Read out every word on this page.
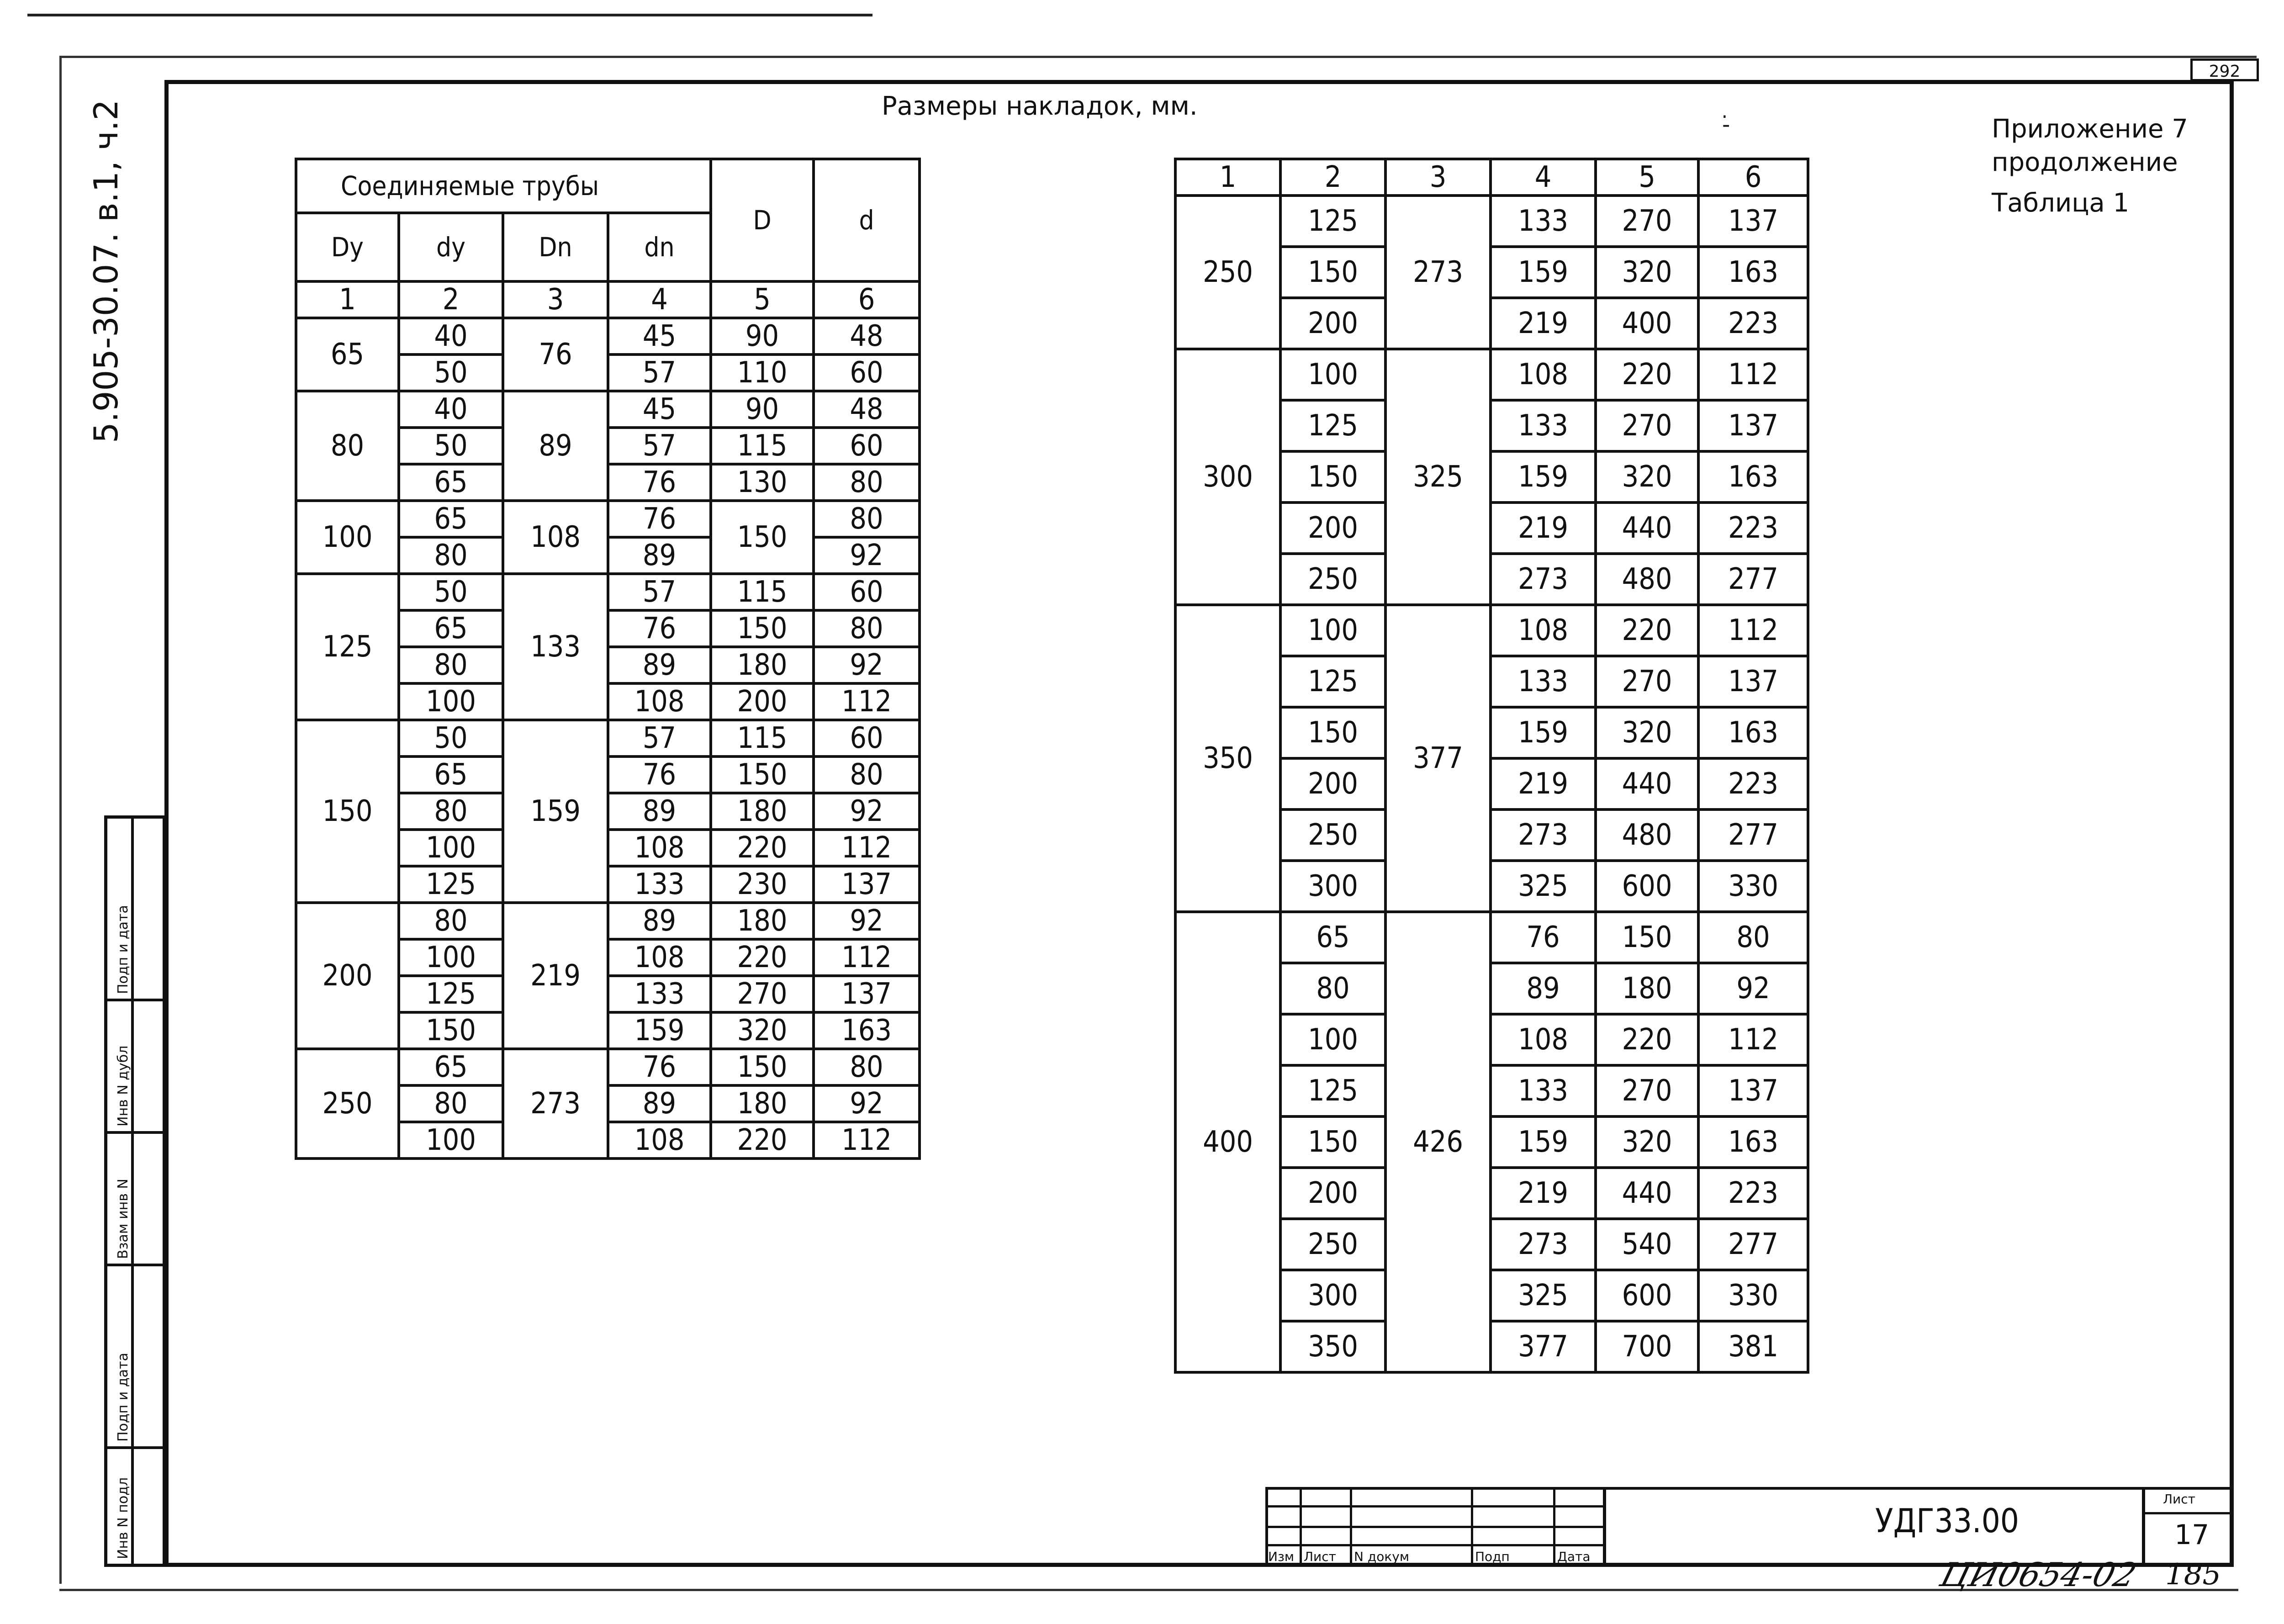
292
5.905-30.07. в.1, ч.2	Размеры накладок, мм.
-̇	Приложение 7
продолжение
Таблица 1
Соединяемые трубы				D	d
Dy	dy	Dn	dn		
1	2	3	4	5	6
65	40	76	45	90	48
	50		57	110	60
80	40	89	45	90	48
	50		57	115	60
	65		76	130	80
100	65	108	76	150	80
	80		89		92
125	50	133	57	115	60
	65		76	150	80
	80		89	180	92
	100		108	200	112
150	50	159	57	115	60
	65		76	150	80
	80		89	180	92
	100		108	220	112
	125		133	230	137
200	80	219	89	180	92
	100		108	220	112
	125		133	270	137
	150		159	320	163
250	65	273	76	150	80
	80		89	180	92
	100		108	220	112
1	2	3	4	5	6
250	125	273	133	270	137
	150		159	320	163
	200		219	400	223
300	100	325	108	220	112
	125		133	270	137
	150		159	320	163
	200		219	440	223
	250		273	480	277
350	100	377	108	220	112
	125		133	270	137
	150		159	320	163
	200		219	440	223
	250		273	480	277
	300		325	600	330
400	65	426	76	150	80
	80		89	180	92
	100		108	220	112
	125		133	270	137
	150		159	320	163
	200		219	440	223
	250		273	540	277
	300		325	600	330
	350		377	700	381
Подп и дата
Инв N дубл
Взам инв N
Подп и дата
Инв N подл	Изм Лист N докум	Подп	Дата
УДГ33.00
Лист
17
ЦИ0654-02 185
